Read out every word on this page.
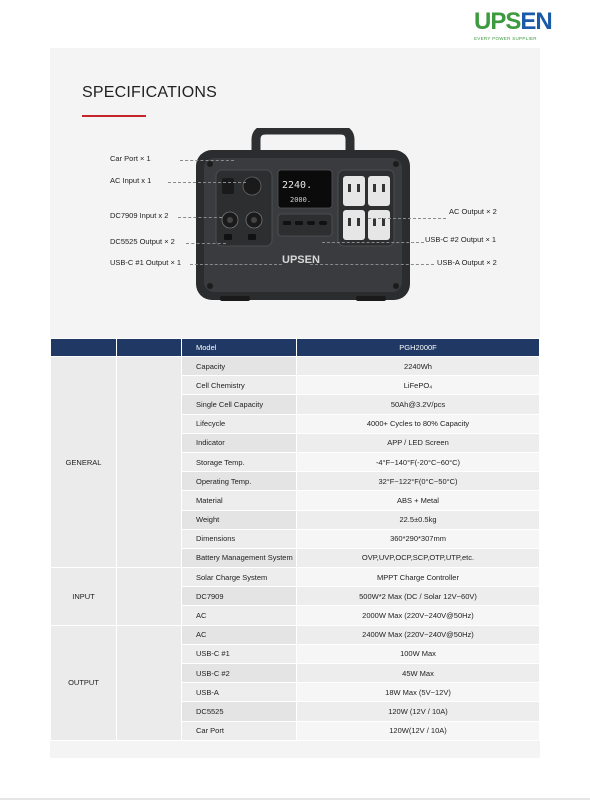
UPSEN
EVERY POWER SUPPLIER
SPECIFICATIONS
2240.
2000.
UPSEN
Car Port × 1
AC Input x 1
DC7909 Input x 2
DC5525 Output × 2
USB-C #1 Output × 1
AC Output × 2
USB-C #2 Output × 1
USB-A Output × 2
		Model	PGH2000F
GENERAL		Capacity	2240Wh
		Cell Chemistry	LiFePO₄
		Single Cell Capacity	50Ah@3.2V/pcs
		Lifecycle	4000+ Cycles to 80% Capacity
		Indicator	APP / LED Screen
		Storage Temp.	-4°F~140°F(-20°C~60°C)
		Operating Temp.	32°F~122°F(0°C~50°C)
		Material	ABS + Metal
		Weight	22.5±0.5kg
		Dimensions	360*290*307mm
		Battery Management System	OVP,UVP,OCP,SCP,OTP,UTP,etc.
INPUT		Solar Charge System	MPPT Charge Controller
		DC7909	500W*2 Max (DC / Solar 12V~60V)
		AC	2000W Max (220V~240V@50Hz)
OUTPUT		AC	2400W Max (220V~240V@50Hz)
		USB-C #1	100W Max
		USB-C #2	45W Max
		USB-A	18W Max (5V~12V)
		DC5525	120W (12V / 10A)
		Car Port	120W(12V / 10A)
